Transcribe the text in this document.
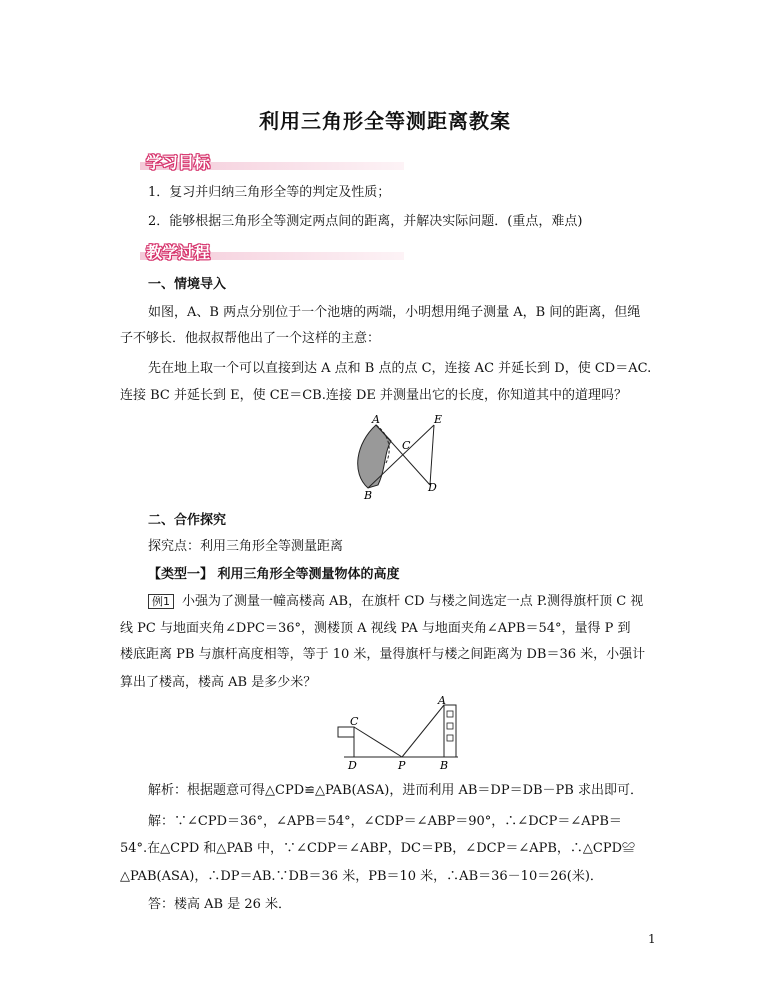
利用三角形全等测距离教案
学习目标
1．复习并归纳三角形全等的判定及性质；
2．能够根据三角形全等测定两点间的距离，并解决实际问题．(重点，难点)
教学过程
一、情境导入
如图，A、B 两点分别位于一个池塘的两端，小明想用绳子测量 A，B 间的距离，但绳
子不够长．他叔叔帮他出了一个这样的主意：
先在地上取一个可以直接到达 A 点和 B 点的点 C，连接 AC 并延长到 D，使 CD＝AC.
连接 BC 并延长到 E，使 CE＝CB.连接 DE 并测量出它的长度，你知道其中的道理吗？
A
B
C
D
E
二、合作探究
探究点：利用三角形全等测量距离
【类型一】 利用三角形全等测量物体的高度
例1 小强为了测量一幢高楼高 AB，在旗杆 CD 与楼之间选定一点 P.测得旗杆顶 C 视
线 PC 与地面夹角∠DPC＝36°，测楼顶 A 视线 PA 与地面夹角∠APB＝54°，量得 P 到
楼底距离 PB 与旗杆高度相等，等于 10 米，量得旗杆与楼之间距离为 DB＝36 米，小强计
算出了楼高，楼高 AB 是多少米？
A
C
D	P	B
解析：根据题意可得△CPD≌△PAB(ASA)，进而利用 AB＝DP＝DB－PB 求出即可．
解：∵∠CPD＝36°，∠APB＝54°，∠CDP＝∠ABP＝90°，∴∠DCP＝∠APB＝
54°.在△CPD 和△PAB 中，∵∠CDP＝∠ABP，DC＝PB，∠DCP＝∠APB，∴△CPD≌
△PAB(ASA)，∴DP＝AB.∵DB＝36 米，PB＝10 米，∴AB＝36－10＝26(米)．
答：楼高 AB 是 26 米．
1
